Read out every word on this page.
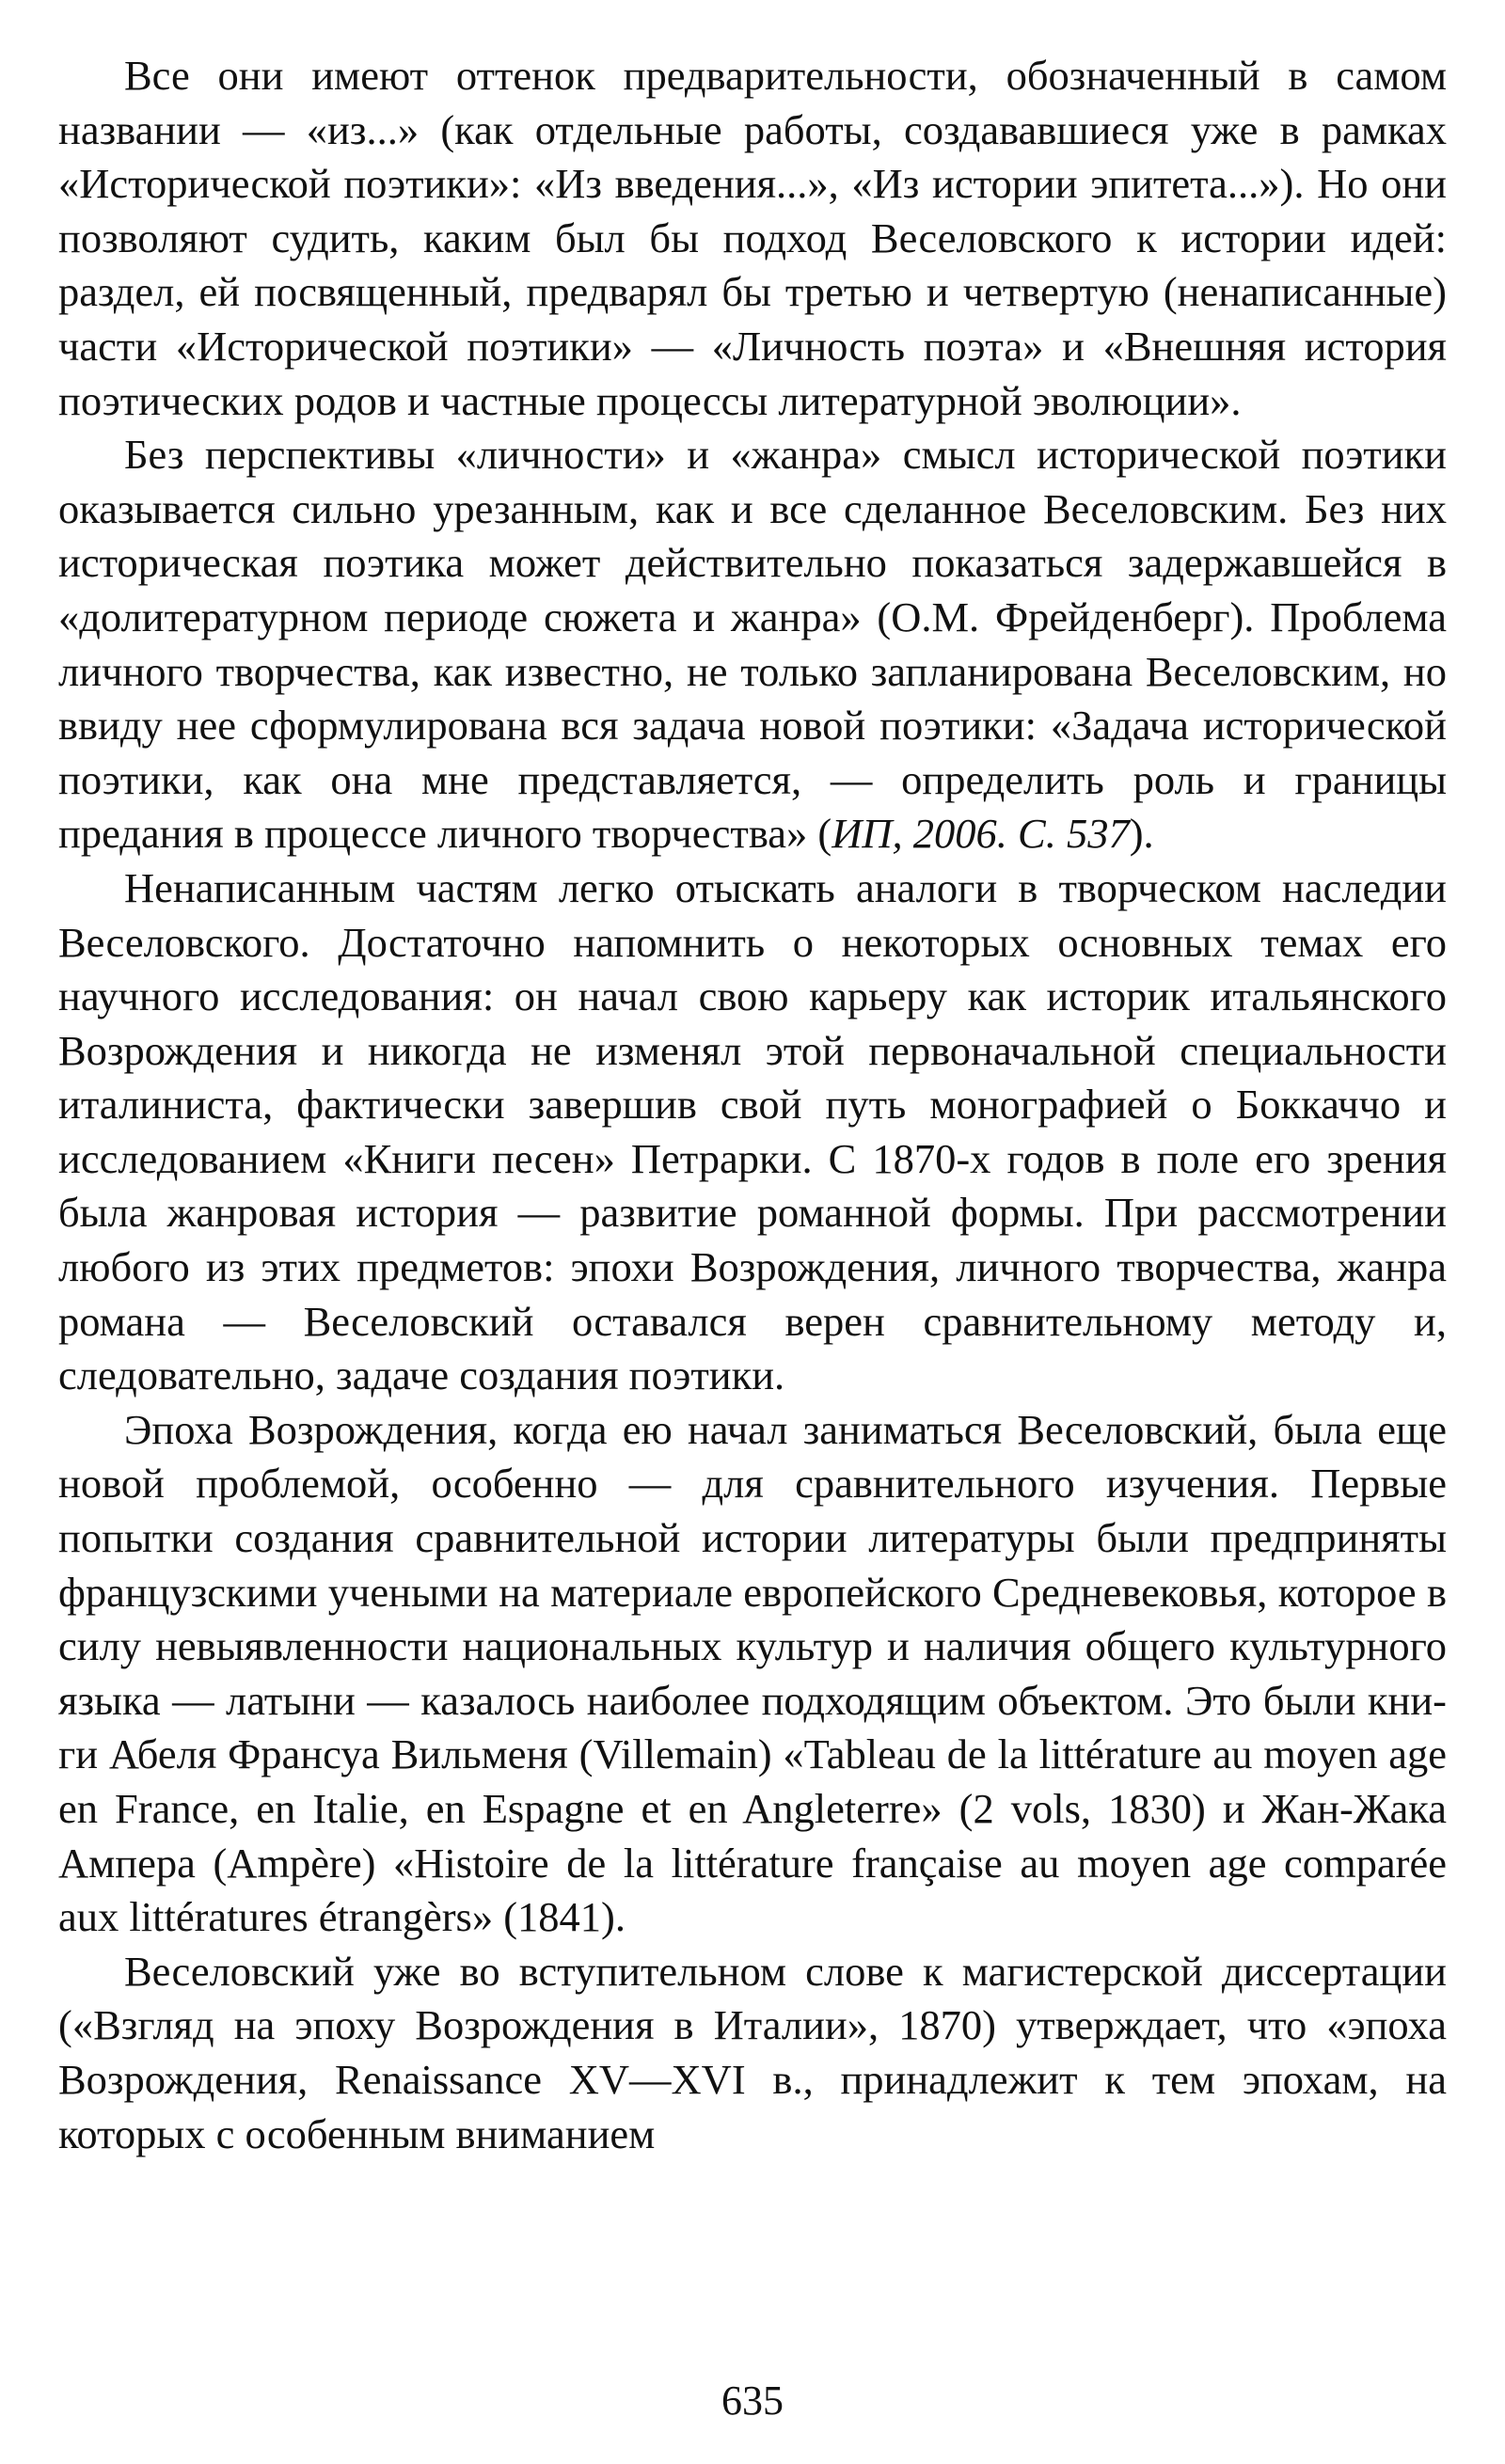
Все они имеют оттенок предварительности, обозначенный в самом названии — «из...» (как отдельные работы, создававшиеся уже в рамках «Исторической поэтики»: «Из введения...», «Из истории эпитета...»). Но они позволяют судить, каким был бы подход Веселовского к истории идей: раздел, ей посвященный, предварял бы третью и четвертую (ненаписанные) части «Исторической поэтики» — «Личность поэта» и «Внешняя история поэтических родов и частные процессы литературной эволюции».

Без перспективы «личности» и «жанра» смысл исторической поэтики оказывается сильно урезанным, как и все сделанное Веселовским. Без них историческая поэтика может действительно показаться задержавшейся в «долитературном периоде сюжета и жанра» (О.М. Фрейденберг). Проблема личного творчества, как известно, не только запланирована Веселовским, но ввиду нее сформулирована вся задача новой поэтики: «Задача исторической поэтики, как она мне представляется, — определить роль и границы предания в процессе личного творчества» (ИП, 2006. С. 537).

Ненаписанным частям легко отыскать аналоги в творческом наследии Веселовского. Достаточно напомнить о некоторых основных темах его научного исследования: он начал свою карьеру как историк итальянского Возрождения и никогда не изменял этой первоначальной специальности италиниста, фактически завершив свой путь монографией о Боккаччо и исследованием «Книги песен» Петрарки. С 1870-х годов в поле его зрения была жанровая история — развитие романной формы. При рассмотрении любого из этих предметов: эпохи Возрождения, личного творчества, жанра романа — Веселовский оставался верен сравнительному методу и, следовательно, задаче создания поэтики.

Эпоха Возрождения, когда ею начал заниматься Веселовский, была еще новой проблемой, особенно — для сравнительного изучения. Первые попытки создания сравнительной истории литературы были предприняты французскими учеными на материале европейского Средневековья, которое в силу невыявленности национальных культур и наличия общего культурного языка — латыни — казалось наиболее подходящим объектом. Это были книги Абеля Франсуа Вильменя (Villemain) «Tableau de la littérature au moyen age en France, en Italie, en Espagne et en Angleterre» (2 vols, 1830) и Жан-Жака Ампера (Ampère) «Histoire de la littérature française au moyen age comparée aux littératures étrangèrs» (1841).

Веселовский уже во вступительном слове к магистерской диссертации («Взгляд на эпоху Возрождения в Италии», 1870) утверждает, что «эпоха Возрождения, Renaissance XV—XVI в., принадлежит к тем эпохам, на которых с особенным вниманием

635
